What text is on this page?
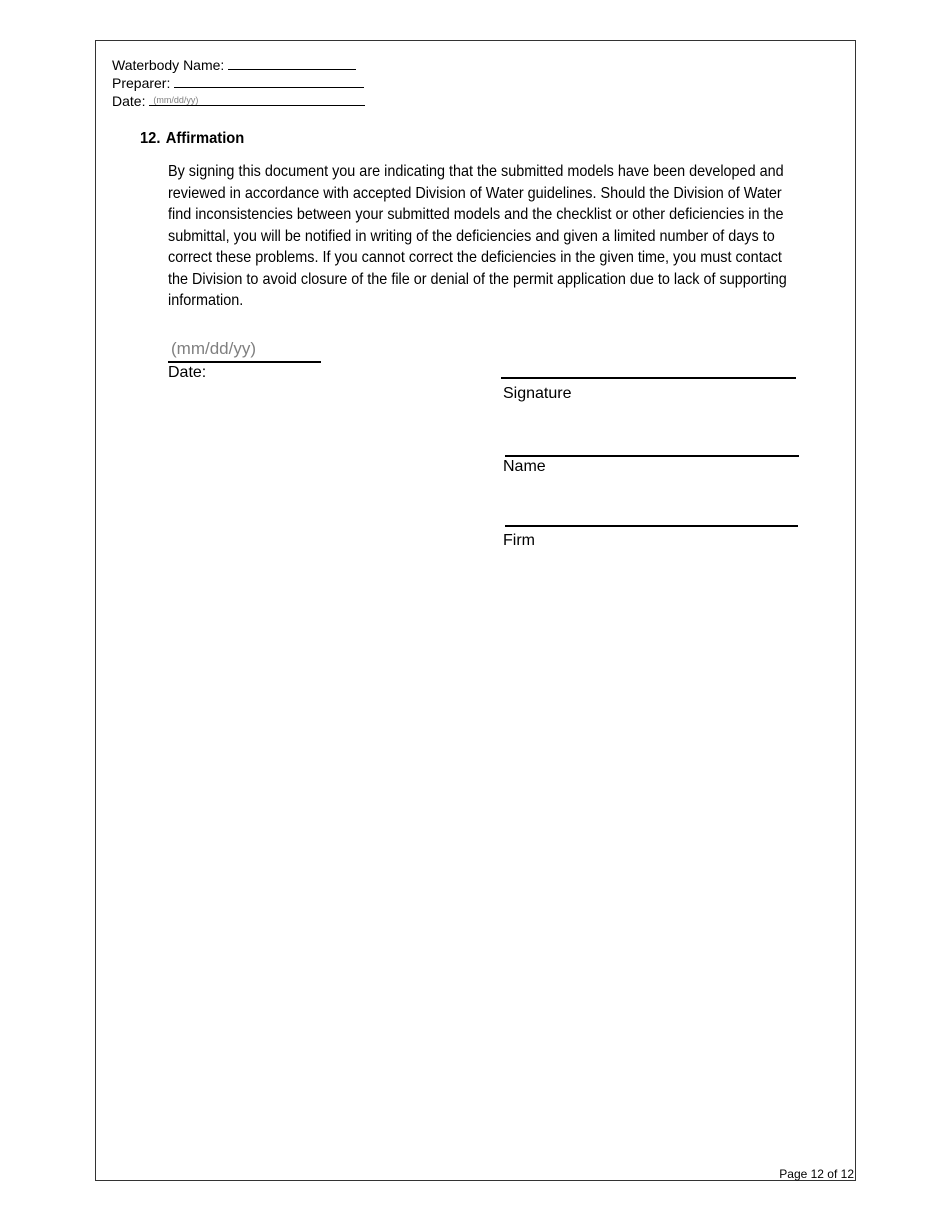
Waterbody Name:
Preparer:
Date: (mm/dd/yy)
12. Affirmation
By signing this document you are indicating that the submitted models have been developed and reviewed in accordance with accepted Division of Water guidelines. Should the Division of Water find inconsistencies between your submitted models and the checklist or other deficiencies in the submittal, you will be notified in writing of the deficiencies and given a limited number of days to correct these problems. If you cannot correct the deficiencies in the given time, you must contact the Division to avoid closure of the file or denial of the permit application due to lack of supporting information.
(mm/dd/yy)
Date:
Signature
Name
Firm
Page 12 of 12
